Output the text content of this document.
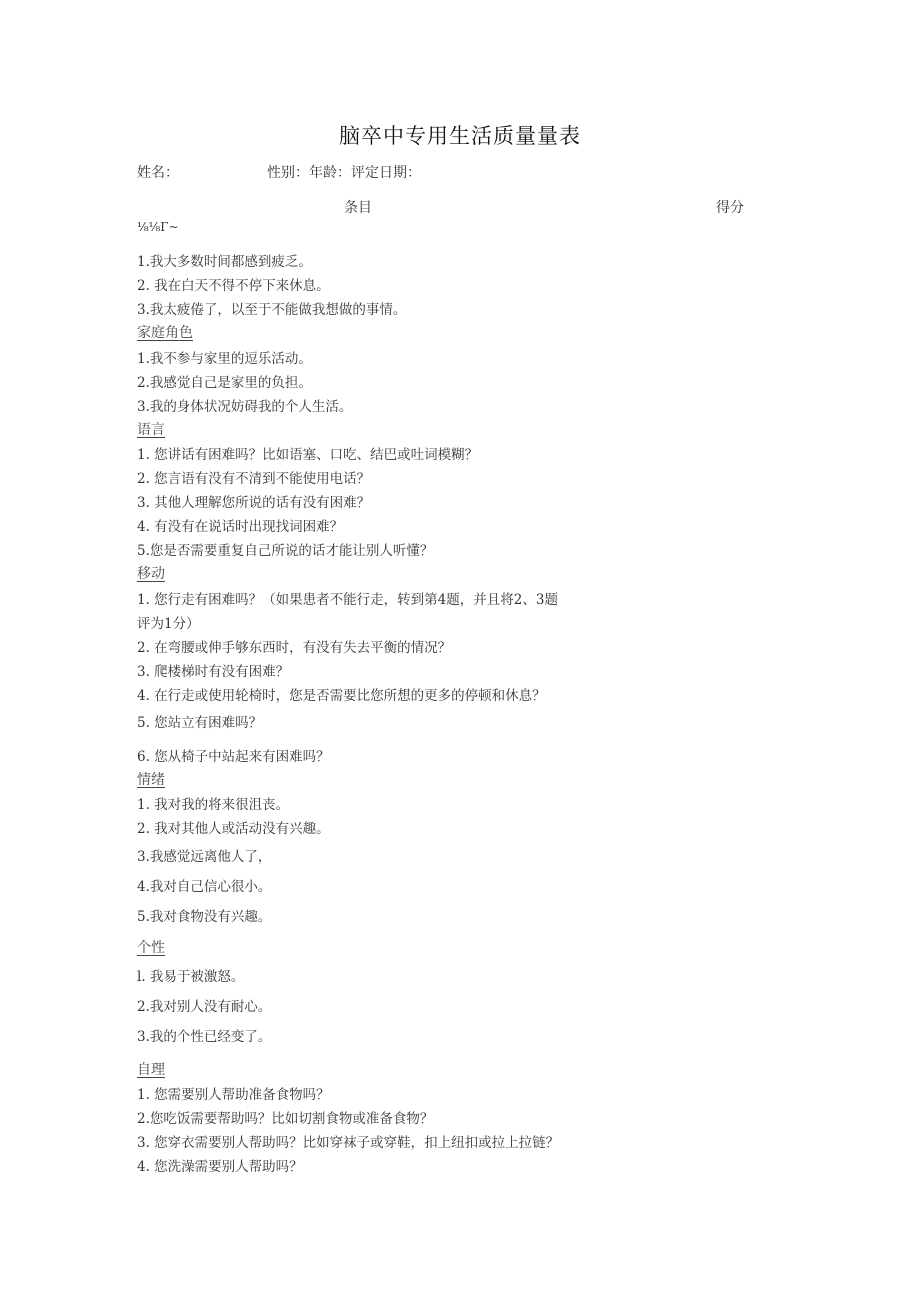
脑卒中专用生活质量量表
姓名：	性别：年龄：评定日期：
条目	得分
⅛⅛Γ~
1.我大多数时间都感到疲乏。
2. 我在白天不得不停下来休息。
3.我太疲倦了，以至于不能做我想做的事情。
家庭角色
1.我不参与家里的逗乐活动。
2.我感觉自己是家里的负担。
3.我的身体状况妨碍我的个人生活。
语言
1. 您讲话有困难吗？比如语塞、口吃、结巴或吐词模糊？
2. 您言语有没有不清到不能使用电话？
3. 其他人理解您所说的话有没有困难？
4. 有没有在说话时出现找词困难？
5.您是否需要重复自己所说的话才能让别人听懂？
移动
1. 您行走有困难吗？（如果患者不能行走，转到第4题，并且将2、3题
评为1分）
2. 在弯腰或伸手够东西时，有没有失去平衡的情况？
3. 爬楼梯时有没有困难？
4. 在行走或使用轮椅时，您是否需要比您所想的更多的停顿和休息？
5. 您站立有困难吗？
6. 您从椅子中站起来有困难吗？
情绪
1. 我对我的将来很沮丧。
2. 我对其他人或活动没有兴趣。
3.我感觉远离他人了，
4.我对自己信心很小。
5.我对食物没有兴趣。
个性
l. 我易于被激怒。
2.我对别人没有耐心。
3.我的个性已经变了。
自理
1. 您需要别人帮助准备食物吗？
2.您吃饭需要帮助吗？比如切割食物或准备食物？
3. 您穿衣需要别人帮助吗？比如穿袜子或穿鞋，扣上纽扣或拉上拉链？
4. 您洗澡需要别人帮助吗？
